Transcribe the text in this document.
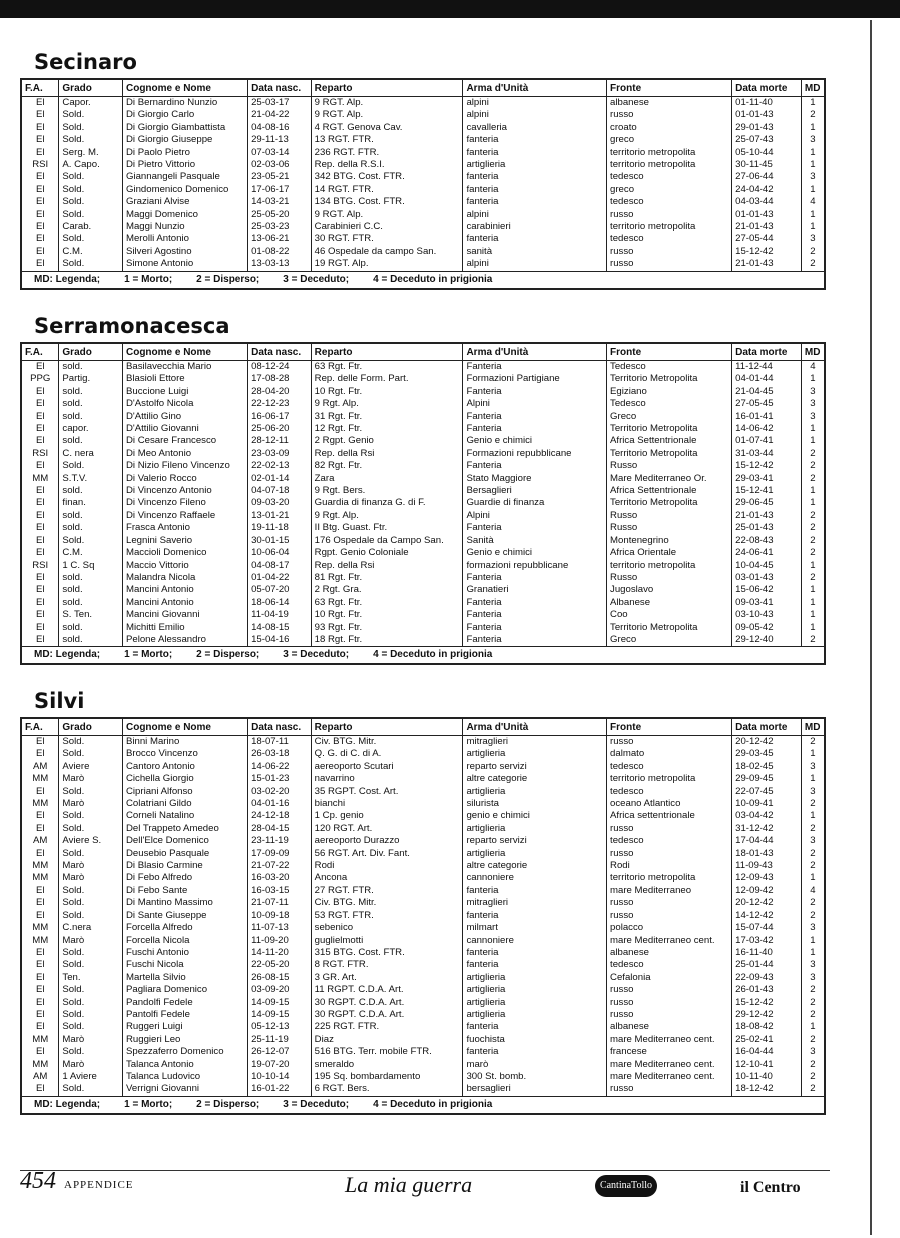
Secinaro
F.A.	Grado	Cognome e Nome	Data nasc.	Reparto	Arma d'Unità	Fronte	Data morte	MD
El	Capor.	Di Bernardino Nunzio	25-03-17	9 RGT. Alp.	alpini	albanese	01-11-40	1
El	Sold.	Di Giorgio Carlo	21-04-22	9 RGT. Alp.	alpini	russo	01-01-43	2
El	Sold.	Di Giorgio Giambattista	04-08-16	4 RGT. Genova Cav.	cavalleria	croato	29-01-43	1
El	Sold.	Di Giorgio Giuseppe	29-11-13	13 RGT. FTR.	fanteria	greco	25-07-43	3
El	Serg. M.	Di Paolo Pietro	07-03-14	236 RGT. FTR.	fanteria	territorio metropolita	05-10-44	1
RSI	A. Capo.	Di Pietro Vittorio	02-03-06	Rep. della R.S.I.	artiglieria	territorio metropolita	30-11-45	1
El	Sold.	Giannangeli Pasquale	23-05-21	342 BTG. Cost. FTR.	fanteria	tedesco	27-06-44	3
El	Sold.	Gindomenico Domenico	17-06-17	14 RGT. FTR.	fanteria	greco	24-04-42	1
El	Sold.	Graziani Alvise	14-03-21	134 BTG. Cost. FTR.	fanteria	tedesco	04-03-44	4
El	Sold.	Maggi Domenico	25-05-20	9 RGT. Alp.	alpini	russo	01-01-43	1
El	Carab.	Maggi Nunzio	25-03-23	Carabinieri C.C.	carabinieri	territorio metropolita	21-01-43	1
El	Sold.	Merolli Antonio	13-06-21	30 RGT. FTR.	fanteria	tedesco	27-05-44	3
El	C.M.	Silveri Agostino	01-08-22	46 Ospedale da campo San.	sanità	russo	15-12-42	2
El	Sold.	Simone Antonio	13-03-13	19 RGT. Alp.	alpini	russo	21-01-43	2
MD: Legenda; 1 = Morto; 2 = Disperso; 3 = Deceduto; 4 = Deceduto in prigionia
Serramonacesca
F.A.	Grado	Cognome e Nome	Data nasc.	Reparto	Arma d'Unità	Fronte	Data morte	MD
El	sold.	Basilavecchia Mario	08-12-24	63 Rgt. Ftr.	Fanteria	Tedesco	11-12-44	4
PPG	Partig.	Blasioli Ettore	17-08-28	Rep. delle Form. Part.	Formazioni Partigiane	Territorio Metropolita	04-01-44	1
El	sold.	Buccione Luigi	28-04-20	10 Rgt. Ftr.	Fanteria	Egiziano	21-04-45	3
El	sold.	D'Astolfo Nicola	22-12-23	9 Rgt. Alp.	Alpini	Tedesco	27-05-45	3
El	sold.	D'Attilio Gino	16-06-17	31 Rgt. Ftr.	Fanteria	Greco	16-01-41	3
El	capor.	D'Attilio Giovanni	25-06-20	12 Rgt. Ftr.	Fanteria	Territorio Metropolita	14-06-42	1
El	sold.	Di Cesare Francesco	28-12-11	2 Rgpt. Genio	Genio e chimici	Africa Settentrionale	01-07-41	1
RSI	C. nera	Di Meo Antonio	23-03-09	Rep. della Rsi	Formazioni repubblicane	Territorio Metropolita	31-03-44	2
El	Sold.	Di Nizio Fileno Vincenzo	22-02-13	82 Rgt. Ftr.	Fanteria	Russo	15-12-42	2
MM	S.T.V.	Di Valerio Rocco	02-01-14	Zara	Stato Maggiore	Mare Mediterraneo Or.	29-03-41	2
El	sold.	Di Vincenzo Antonio	04-07-18	9 Rgt. Bers.	Bersaglieri	Africa Settentrionale	15-12-41	1
El	finan.	Di Vincenzo Fileno	09-03-20	Guardia di finanza G. di F.	Guardie di finanza	Territorio Metropolita	29-06-45	1
El	sold.	Di Vincenzo Raffaele	13-01-21	9 Rgt. Alp.	Alpini	Russo	21-01-43	2
El	sold.	Frasca Antonio	19-11-18	II Btg. Guast. Ftr.	Fanteria	Russo	25-01-43	2
El	Sold.	Legnini Saverio	30-01-15	176 Ospedale da Campo San.	Sanità	Montenegrino	22-08-43	2
El	C.M.	Maccioli Domenico	10-06-04	Rgpt. Genio Coloniale	Genio e chimici	Africa Orientale	24-06-41	2
RSI	1 C. Sq	Maccio Vittorio	04-08-17	Rep. della Rsi	formazioni repubblicane	territorio metropolita	10-04-45	1
El	sold.	Malandra Nicola	01-04-22	81 Rgt. Ftr.	Fanteria	Russo	03-01-43	2
El	sold.	Mancini Antonio	05-07-20	2 Rgt. Gra.	Granatieri	Jugoslavo	15-06-42	1
El	sold.	Mancini Antonio	18-06-14	63 Rgt. Ftr.	Fanteria	Albanese	09-03-41	1
El	S. Ten.	Mancini Giovanni	11-04-19	10 Rgt. Ftr.	Fanteria	Coo	03-10-43	1
El	sold.	Michitti Emilio	14-08-15	93 Rgt. Ftr.	Fanteria	Territorio Metropolita	09-05-42	1
El	sold.	Pelone Alessandro	15-04-16	18 Rgt. Ftr.	Fanteria	Greco	29-12-40	2
MD: Legenda; 1 = Morto; 2 = Disperso; 3 = Deceduto; 4 = Deceduto in prigionia
Silvi
F.A.	Grado	Cognome e Nome	Data nasc.	Reparto	Arma d'Unità	Fronte	Data morte	MD
El	Sold.	Binni Marino	18-07-11	Civ. BTG. Mitr.	mitraglieri	russo	20-12-42	2
El	Sold.	Brocco Vincenzo	26-03-18	Q. G. di C. di A.	artiglieria	dalmato	29-03-45	1
AM	Aviere	Cantoro Antonio	14-06-22	aereoporto Scutari	reparto servizi	tedesco	18-02-45	3
MM	Marò	Cichella Giorgio	15-01-23	navarrino	altre categorie	territorio metropolita	29-09-45	1
El	Sold.	Cipriani Alfonso	03-02-20	35 RGPT. Cost. Art.	artiglieria	tedesco	22-07-45	3
MM	Marò	Colatriani Gildo	04-01-16	bianchi	silurista	oceano Atlantico	10-09-41	2
El	Sold.	Corneli Natalino	24-12-18	1 Cp. genio	genio e chimici	Africa settentrionale	03-04-42	1
El	Sold.	Del Trappeto Amedeo	28-04-15	120 RGT. Art.	artiglieria	russo	31-12-42	2
AM	Aviere S.	Dell'Elce Domenico	23-11-19	aereoporto Durazzo	reparto servizi	tedesco	17-04-44	3
El	Sold.	Deusebio Pasquale	17-09-09	56 RGT. Art. Div. Fant.	artiglieria	russo	18-01-43	2
MM	Marò	Di Blasio Carmine	21-07-22	Rodi	altre categorie	Rodi	11-09-43	2
MM	Marò	Di Febo Alfredo	16-03-20	Ancona	cannoniere	territorio metropolita	12-09-43	1
El	Sold.	Di Febo Sante	16-03-15	27 RGT. FTR.	fanteria	mare Mediterraneo	12-09-42	4
El	Sold.	Di Mantino Massimo	21-07-11	Civ. BTG. Mitr.	mitraglieri	russo	20-12-42	2
El	Sold.	Di Sante Giuseppe	10-09-18	53 RGT. FTR.	fanteria	russo	14-12-42	2
MM	C.nera	Forcella Alfredo	11-07-13	sebenico	milmart	polacco	15-07-44	3
MM	Marò	Forcella Nicola	11-09-20	guglielmotti	cannoniere	mare Mediterraneo cent.	17-03-42	1
El	Sold.	Fuschi Antonio	14-11-20	315 BTG. Cost. FTR.	fanteria	albanese	16-11-40	1
El	Sold.	Fuschi Nicola	22-05-20	8 RGT. FTR.	fanteria	tedesco	25-01-44	3
El	Ten.	Martella Silvio	26-08-15	3 GR. Art.	artiglieria	Cefalonia	22-09-43	3
El	Sold.	Pagliara Domenico	03-09-20	11 RGPT. C.D.A. Art.	artiglieria	russo	26-01-43	2
El	Sold.	Pandolfi Fedele	14-09-15	30 RGPT. C.D.A. Art.	artiglieria	russo	15-12-42	2
El	Sold.	Pantolfi Fedele	14-09-15	30 RGPT. C.D.A. Art.	artiglieria	russo	29-12-42	2
El	Sold.	Ruggeri Luigi	05-12-13	225 RGT. FTR.	fanteria	albanese	18-08-42	1
MM	Marò	Ruggieri Leo	25-11-19	Diaz	fuochista	mare Mediterraneo cent.	25-02-41	2
El	Sold.	Spezzaferro Domenico	26-12-07	516 BTG. Terr. mobile FTR.	fanteria	francese	16-04-44	3
MM	Marò	Talanca Antonio	19-07-20	smeraldo	marò	mare Mediterraneo cent.	12-10-41	2
AM	1 Aviere	Talanca Ludovico	10-10-14	195 Sq. bombardamento	300 St. bomb.	mare Mediterraneo cent.	10-11-40	2
El	Sold.	Verrigni Giovanni	16-01-22	6 RGT. Bers.	bersaglieri	russo	18-12-42	2
MD: Legenda; 1 = Morto; 2 = Disperso; 3 = Deceduto; 4 = Deceduto in prigionia
454 APPENDICE	La mia guerra	CantinaTollo	il Centro
